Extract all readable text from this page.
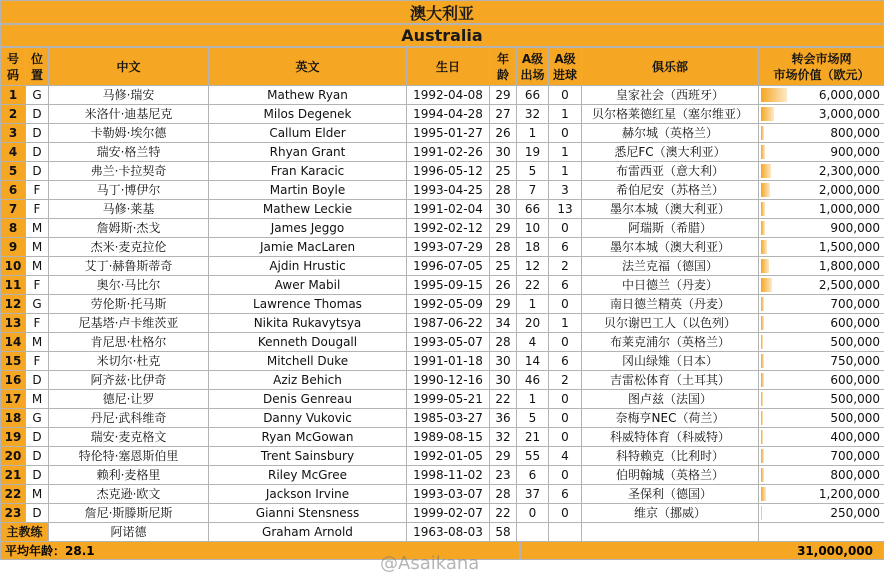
澳大利亚
Australia
号码	位置	中文	英文	生日	年龄	A级出场	A级进球	俱乐部	转会市场网
市场价值（欧元）
1	G	马修·瑞安	Mathew Ryan	1992-04-08	29	66	0	皇家社会（西班牙）	6,000,000
2	D	米洛什·迪基尼克	Milos Degenek	1994-04-28	27	32	1	贝尔格莱德红星（塞尔维亚）	3,000,000
3	D	卡勒姆·埃尔德	Callum Elder	1995-01-27	26	1	0	赫尔城（英格兰）	800,000
4	D	瑞安·格兰特	Rhyan Grant	1991-02-26	30	19	1	悉尼FC（澳大利亚）	900,000
5	D	弗兰·卡拉契奇	Fran Karacic	1996-05-12	25	5	1	布雷西亚（意大利）	2,300,000
6	F	马丁·博伊尔	Martin Boyle	1993-04-25	28	7	3	希伯尼安（苏格兰）	2,000,000
7	F	马修·莱基	Mathew Leckie	1991-02-04	30	66	13	墨尔本城（澳大利亚）	1,000,000
8	M	詹姆斯·杰戈	James Jeggo	1992-02-12	29	10	0	阿瑞斯（希腊）	900,000
9	M	杰米·麦克拉伦	Jamie MacLaren	1993-07-29	28	18	6	墨尔本城（澳大利亚）	1,500,000
10	M	艾丁·赫鲁斯蒂奇	Ajdin Hrustic	1996-07-05	25	12	2	法兰克福（德国）	1,800,000
11	F	奥尔·马比尔	Awer Mabil	1995-09-15	26	22	6	中日德兰（丹麦）	2,500,000
12	G	劳伦斯·托马斯	Lawrence Thomas	1992-05-09	29	1	0	南日德兰精英（丹麦）	700,000
13	F	尼基塔·卢卡维茨亚	Nikita Rukavytsya	1987-06-22	34	20	1	贝尔谢巴工人（以色列）	600,000
14	M	肯尼思·杜格尔	Kenneth Dougall	1993-05-07	28	4	0	布莱克浦尔（英格兰）	500,000
15	F	米切尔·杜克	Mitchell Duke	1991-01-18	30	14	6	冈山绿雉（日本）	750,000
16	D	阿齐兹·比伊奇	Aziz Behich	1990-12-16	30	46	2	吉雷松体育（土耳其）	600,000
17	M	德尼·让罗	Denis Genreau	1999-05-21	22	1	0	图卢兹（法国）	500,000
18	G	丹尼·武科维奇	Danny Vukovic	1985-03-27	36	5	0	奈梅亨NEC（荷兰）	500,000
19	D	瑞安·麦克格文	Ryan McGowan	1989-08-15	32	21	0	科威特体育（科威特）	400,000
20	D	特伦特·塞恩斯伯里	Trent Sainsbury	1992-01-05	29	55	4	科特赖克（比利时）	700,000
21	D	赖利·麦格里	Riley McGree	1998-11-02	23	6	0	伯明翰城（英格兰）	800,000
22	M	杰克逊·欧文	Jackson Irvine	1993-03-07	28	37	6	圣保利（德国）	1,200,000
23	D	詹尼·斯滕斯尼斯	Gianni Stensness	1999-02-07	22	0	0	维京（挪威）	250,000
主教练		阿诺德	Graham Arnold	1963-08-03	58				
平均年龄：28.1	31,000,000
@Asaikana
